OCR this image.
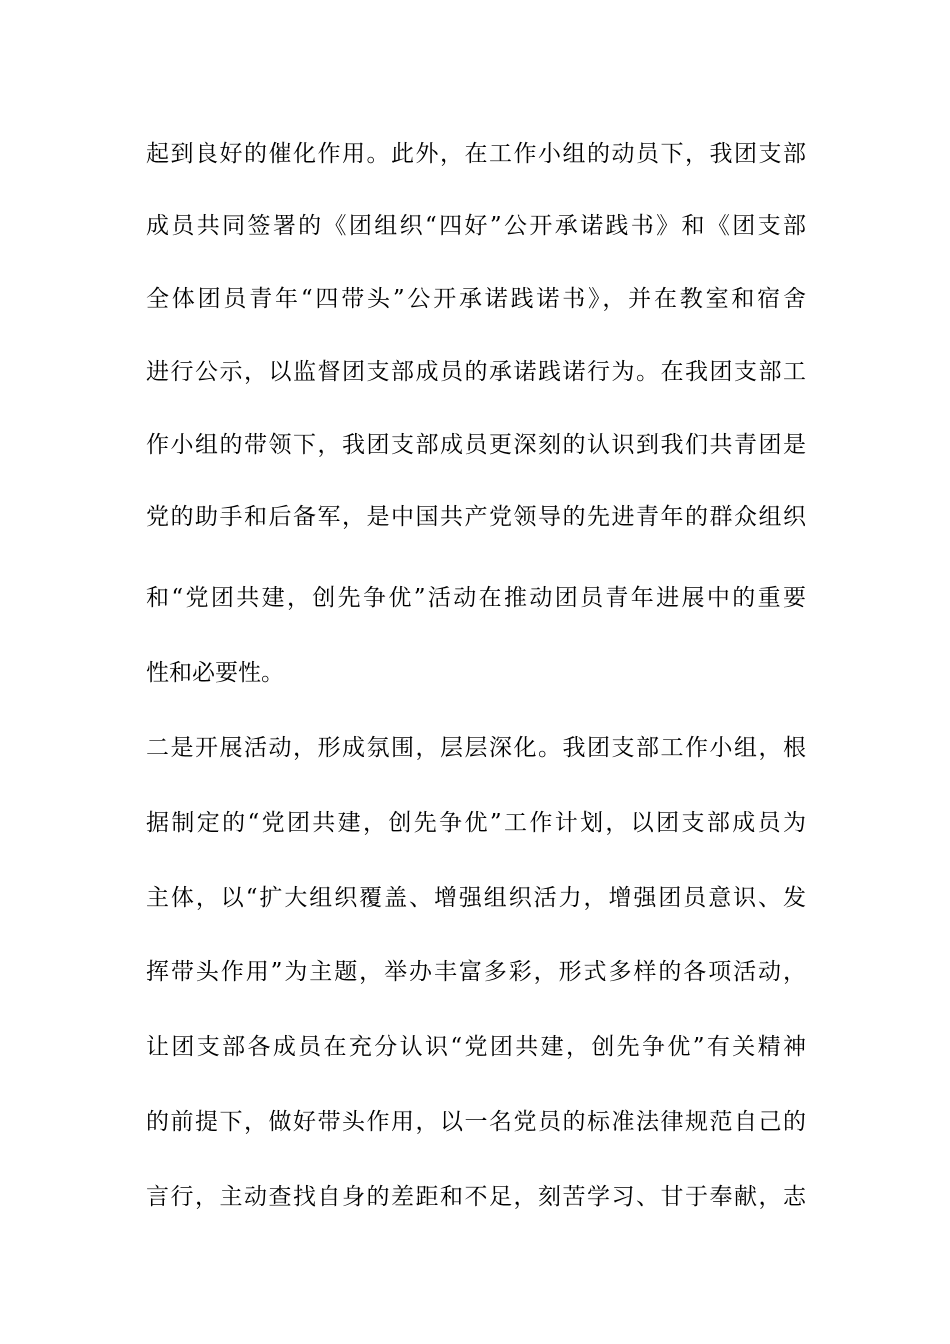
起到良好的催化作用。此外，在工作小组的动员下，我团支部
成员共同签署的《团组织“四好”公开承诺践书》和《团支部
全体团员青年“四带头”公开承诺践诺书》，并在教室和宿舍
进行公示，以监督团支部成员的承诺践诺行为。在我团支部工
作小组的带领下，我团支部成员更深刻的认识到我们共青团是
党的助手和后备军，是中国共产党领导的先进青年的群众组织
和“党团共建，创先争优”活动在推动团员青年进展中的重要
性和必要性。
二是开展活动，形成氛围，层层深化。我团支部工作小组，根
据制定的“党团共建，创先争优”工作计划，以团支部成员为
主体，以“扩大组织覆盖、增强组织活力，增强团员意识、发
挥带头作用”为主题，举办丰富多彩，形式多样的各项活动，
让团支部各成员在充分认识“党团共建，创先争优”有关精神
的前提下，做好带头作用，以一名党员的标准法律规范自己的
言行，主动查找自身的差距和不足，刻苦学习、甘于奉献，志
